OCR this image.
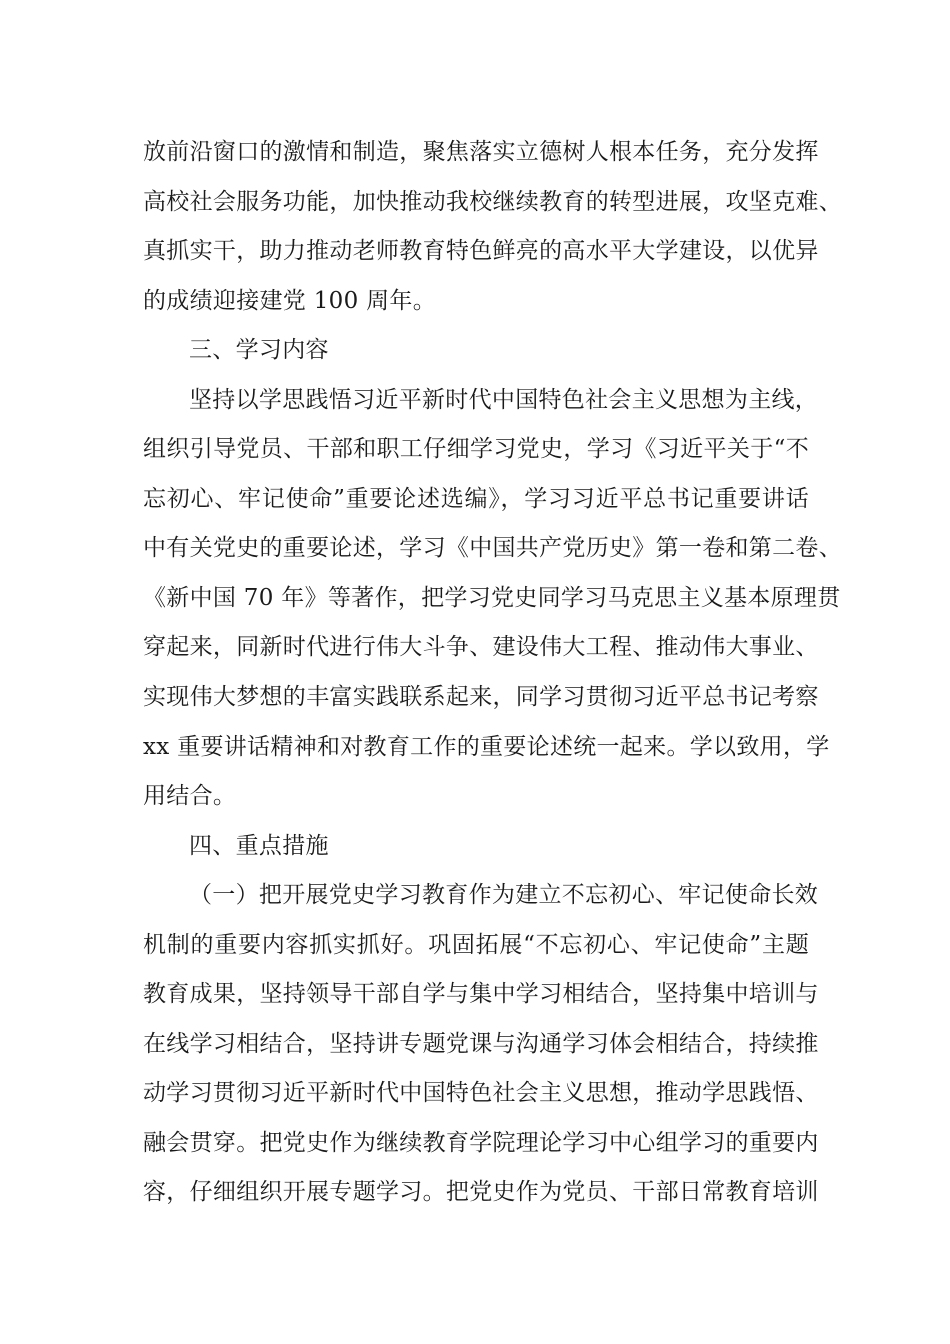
放前沿窗口的激情和制造，聚焦落实立德树人根本任务，充分发挥
高校社会服务功能，加快推动我校继续教育的转型进展，攻坚克难、
真抓实干，助力推动老师教育特色鲜亮的高水平大学建设，以优异
的成绩迎接建党 100 周年。
三、学习内容
坚持以学思践悟习近平新时代中国特色社会主义思想为主线，
组织引导党员、干部和职工仔细学习党史，学习《习近平关于“不
忘初心、牢记使命”重要论述选编》，学习习近平总书记重要讲话
中有关党史的重要论述，学习《中国共产党历史》第一卷和第二卷、
《新中国 70 年》等著作，把学习党史同学习马克思主义基本原理贯
穿起来，同新时代进行伟大斗争、建设伟大工程、推动伟大事业、
实现伟大梦想的丰富实践联系起来，同学习贯彻习近平总书记考察
xx 重要讲话精神和对教育工作的重要论述统一起来。学以致用，学
用结合。
四、重点措施
（一）把开展党史学习教育作为建立不忘初心、牢记使命长效
机制的重要内容抓实抓好。巩固拓展“不忘初心、牢记使命”主题
教育成果，坚持领导干部自学与集中学习相结合，坚持集中培训与
在线学习相结合，坚持讲专题党课与沟通学习体会相结合，持续推
动学习贯彻习近平新时代中国特色社会主义思想，推动学思践悟、
融会贯穿。把党史作为继续教育学院理论学习中心组学习的重要内
容，仔细组织开展专题学习。把党史作为党员、干部日常教育培训
